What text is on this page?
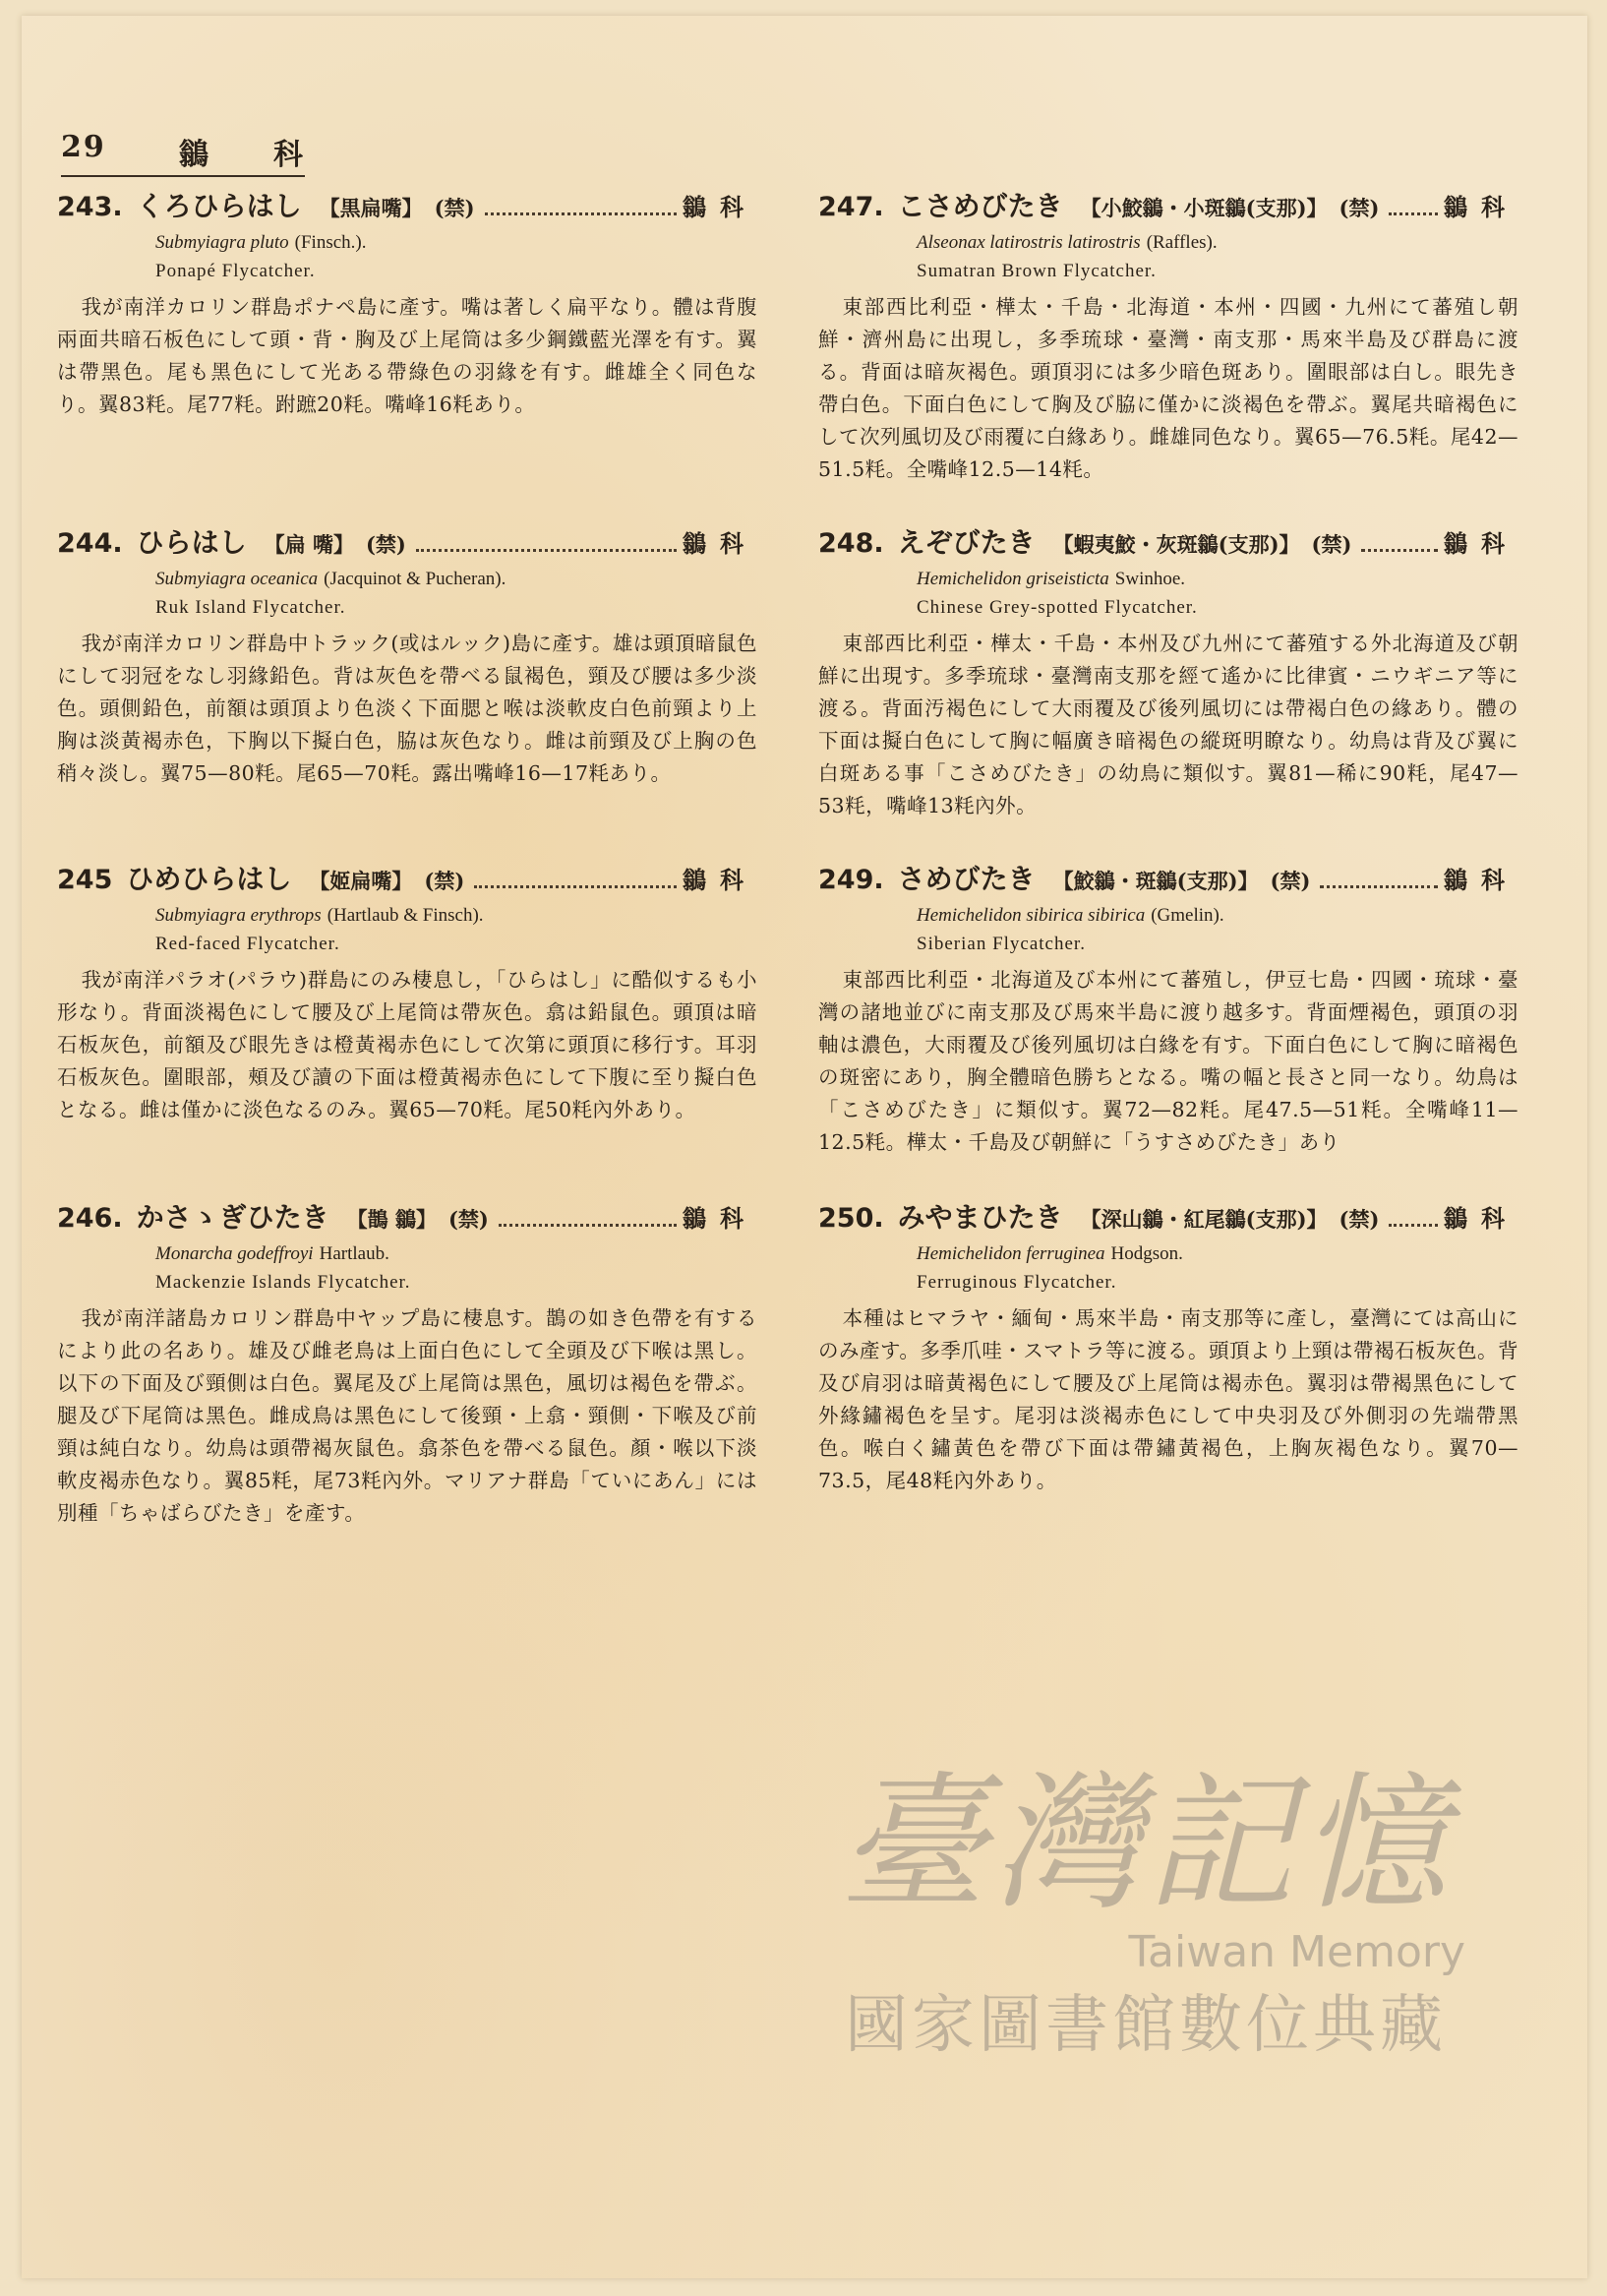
29 鶲　　科
243. くろひらはし 【黒扁嘴】 (禁)	鶲科
Submyiagra pluto (Finsch.).
Ponapé Flycatcher.
我が南洋カロリン群島ポナペ島に產す。嘴は著しく扁平なり。體は背腹兩面共暗石板色にして頭・背・胸及び上尾筒は多少鋼鐵藍光澤を有す。翼は帶黑色。尾も黑色にして光ある帶綠色の羽緣を有す。雌雄全く同色なり。翼83粍。尾77粍。跗蹠20粍。嘴峰16粍あり。
244. ひらはし 【扁 嘴】 (禁)	鶲科
Submyiagra oceanica (Jacquinot & Pucheran).
Ruk Island Flycatcher.
我が南洋カロリン群島中トラック(或はルック)島に產す。雄は頭頂暗鼠色にして羽冠をなし羽緣鉛色。背は灰色を帶べる鼠褐色，頸及び腰は多少淡色。頭側鉛色，前額は頭頂より色淡く下面腮と喉は淡軟皮白色前頸より上胸は淡黃褐赤色，下胸以下擬白色，脇は灰色なり。雌は前頸及び上胸の色稍々淡し。翼75—80粍。尾65—70粍。露出嘴峰16—17粍あり。
245 ひめひらはし 【姬扁嘴】 (禁)	鶲科
Submyiagra erythrops (Hartlaub & Finsch).
Red-faced Flycatcher.
我が南洋パラオ(パラウ)群島にのみ棲息し，「ひらはし」に酷似するも小形なり。背面淡褐色にして腰及び上尾筒は帶灰色。翕は鉛鼠色。頭頂は暗石板灰色，前額及び眼先きは橙黃褐赤色にして次第に頭頂に移行す。耳羽石板灰色。圍眼部，頰及び讀の下面は橙黃褐赤色にして下腹に至り擬白色となる。雌は僅かに淡色なるのみ。翼65—70粍。尾50粍內外あり。
246. かさゝぎひたき 【鵲 鶲】 (禁)	鶲科
Monarcha godeffroyi Hartlaub.
Mackenzie Islands Flycatcher.
我が南洋諸島カロリン群島中ヤップ島に棲息す。鵲の如き色帶を有するにより此の名あり。雄及び雌老鳥は上面白色にして全頭及び下喉は黑し。以下の下面及び頸側は白色。翼尾及び上尾筒は黑色，風切は褐色を帶ぶ。腿及び下尾筒は黑色。雌成鳥は黑色にして後頸・上翕・頸側・下喉及び前頸は純白なり。幼鳥は頭帶褐灰鼠色。翕茶色を帶べる鼠色。顏・喉以下淡軟皮褐赤色なり。翼85粍，尾73粍內外。マリアナ群島「ていにあん」には別種「ちゃばらびたき」を產す。
247. こさめびたき 【小鮫鶲・小斑鶲(支那)】 (禁)	鶲科
Alseonax latirostris latirostris (Raffles).
Sumatran Brown Flycatcher.
東部西比利亞・樺太・千島・北海道・本州・四國・九州にて蕃殖し朝鮮・濟州島に出現し，多季琉球・臺灣・南支那・馬來半島及び群島に渡る。背面は暗灰褐色。頭頂羽には多少暗色斑あり。圍眼部は白し。眼先き帶白色。下面白色にして胸及び脇に僅かに淡褐色を帶ぶ。翼尾共暗褐色にして次列風切及び雨覆に白緣あり。雌雄同色なり。翼65—76.5粍。尾42—51.5粍。全嘴峰12.5—14粍。
248. えぞびたき 【蝦夷鮫・灰斑鶲(支那)】 (禁)	鶲科
Hemichelidon griseisticta Swinhoe.
Chinese Grey-spotted Flycatcher.
東部西比利亞・樺太・千島・本州及び九州にて蕃殖する外北海道及び朝鮮に出現す。多季琉球・臺灣南支那を經て遙かに比律賓・ニウギニア等に渡る。背面汚褐色にして大雨覆及び後列風切には帶褐白色の緣あり。體の下面は擬白色にして胸に幅廣き暗褐色の縱斑明瞭なり。幼鳥は背及び翼に白斑ある事「こさめびたき」の幼鳥に類似す。翼81—稀に90粍，尾47—53粍，嘴峰13粍內外。
249. さめびたき 【鮫鶲・斑鶲(支那)】 (禁)	鶲科
Hemichelidon sibirica sibirica (Gmelin).
Siberian Flycatcher.
東部西比利亞・北海道及び本州にて蕃殖し，伊豆七島・四國・琉球・臺灣の諸地並びに南支那及び馬來半島に渡り越多す。背面煙褐色，頭頂の羽軸は濃色，大雨覆及び後列風切は白緣を有す。下面白色にして胸に暗褐色の斑密にあり，胸全體暗色勝ちとなる。嘴の幅と長さと同一なり。幼鳥は「こさめびたき」に類似す。翼72—82粍。尾47.5—51粍。全嘴峰11—12.5粍。樺太・千島及び朝鮮に「うすさめびたき」あり
250. みやまひたき 【深山鶲・紅尾鶲(支那)】 (禁)	鶲科
Hemichelidon ferruginea Hodgson.
Ferruginous Flycatcher.
本種はヒマラヤ・緬甸・馬來半島・南支那等に產し，臺灣にては高山にのみ產す。多季爪哇・スマトラ等に渡る。頭頂より上頸は帶褐石板灰色。背及び肩羽は暗黃褐色にして腰及び上尾筒は褐赤色。翼羽は帶褐黑色にして外緣鏽褐色を呈す。尾羽は淡褐赤色にして中央羽及び外側羽の先端帶黑色。喉白く鏽黃色を帶び下面は帶鏽黃褐色，上胸灰褐色なり。翼70—73.5，尾48粍內外あり。
臺灣記憶
Taiwan Memory
國家圖書館數位典藏
